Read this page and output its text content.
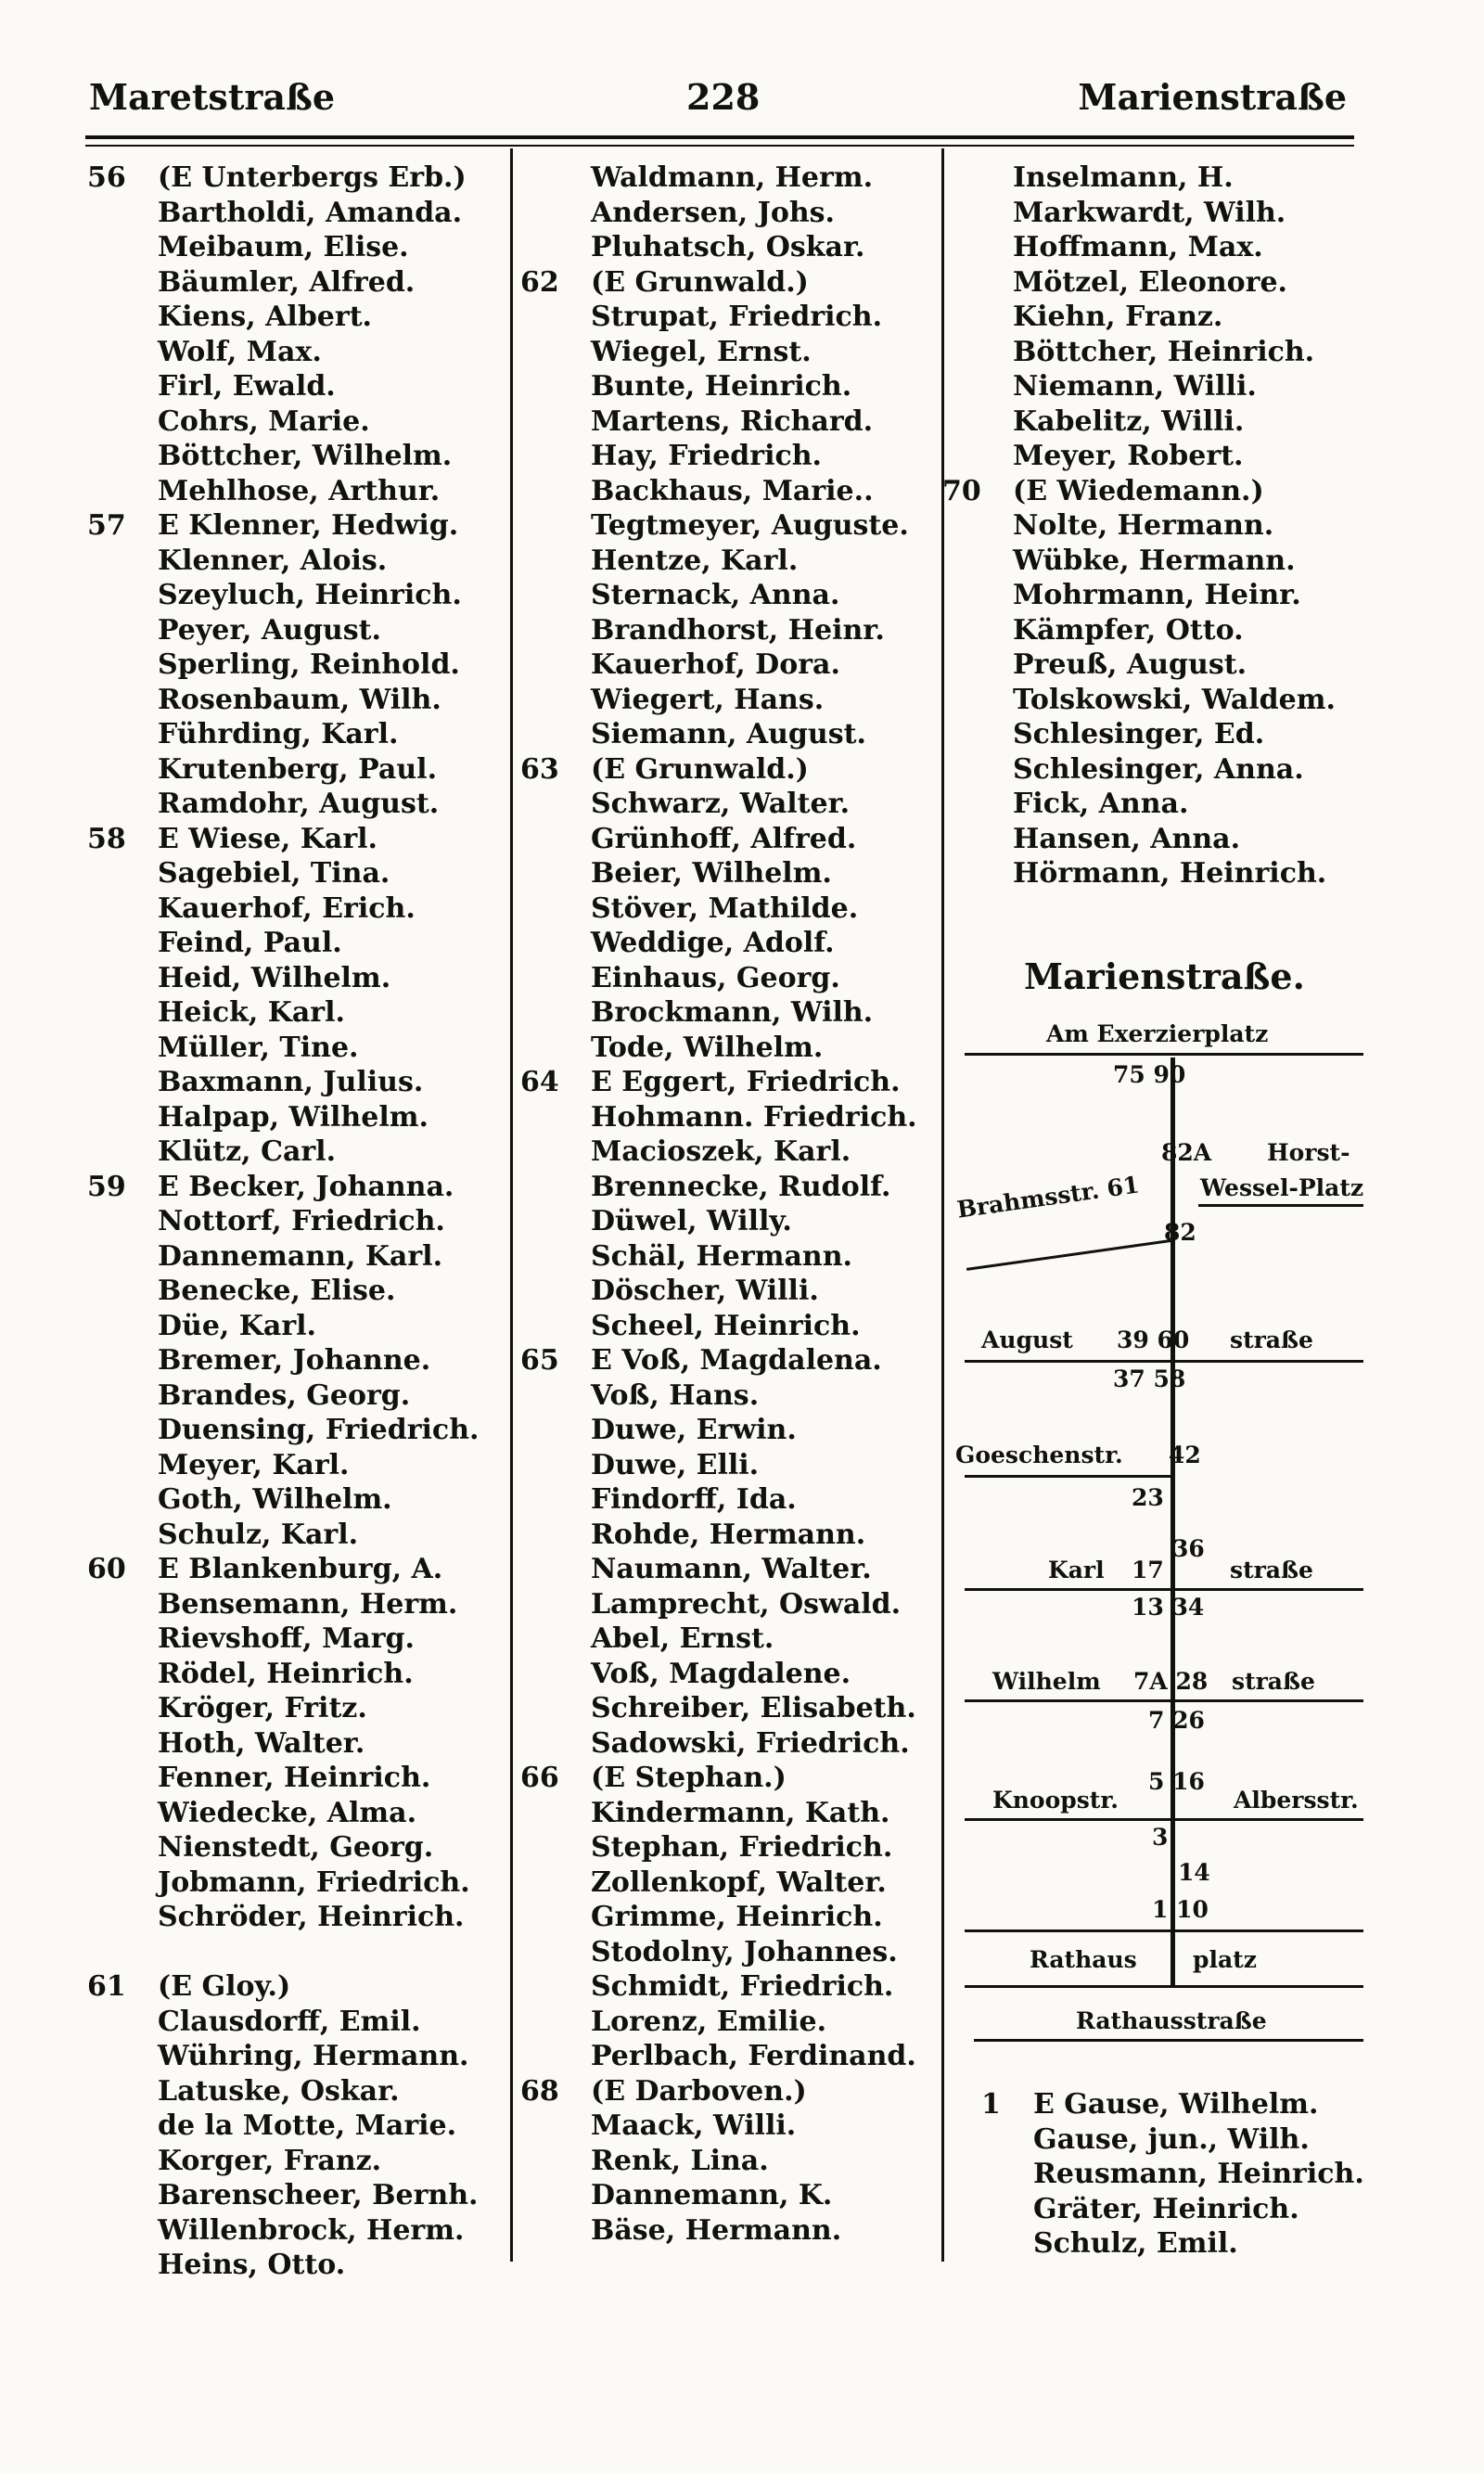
Maretstraße	228	Marienstraße
56 (E Unterbergs Erb.)
Bartholdi, Amanda.
Meibaum, Elise.
Bäumler, Alfred.
Kiens, Albert.
Wolf, Max.
Firl, Ewald.
Cohrs, Marie.
Böttcher, Wilhelm.
Mehlhose, Arthur.
57 E Klenner, Hedwig.
Klenner, Alois.
Szeyluch, Heinrich.
Peyer, August.
Sperling, Reinhold.
Rosenbaum, Wilh.
Führding, Karl.
Krutenberg, Paul.
Ramdohr, August.
58 E Wiese, Karl.
Sagebiel, Tina.
Kauerhof, Erich.
Feind, Paul.
Heid, Wilhelm.
Heick, Karl.
Müller, Tine.
Baxmann, Julius.
Halpap, Wilhelm.
Klütz, Carl.
59 E Becker, Johanna.
Nottorf, Friedrich.
Dannemann, Karl.
Benecke, Elise.
Düe, Karl.
Bremer, Johanne.
Brandes, Georg.
Duensing, Friedrich.
Meyer, Karl.
Goth, Wilhelm.
Schulz, Karl.
60 E Blankenburg, A.
Bensemann, Herm.
Rievshoff, Marg.
Rödel, Heinrich.
Kröger, Fritz.
Hoth, Walter.
Fenner, Heinrich.
Wiedecke, Alma.
Nienstedt, Georg.
Jobmann, Friedrich.
Schröder, Heinrich.
61 (E Gloy.)
Clausdorff, Emil.
Wühring, Hermann.
Latuske, Oskar.
de la Motte, Marie.
Korger, Franz.
Barenscheer, Bernh.
Willenbrock, Herm.
Heins, Otto.
Waldmann, Herm.
Andersen, Johs.
Pluhatsch, Oskar.
62 (E Grunwald.)
Strupat, Friedrich.
Wiegel, Ernst.
Bunte, Heinrich.
Martens, Richard.
Hay, Friedrich.
Backhaus, Marie..
Tegtmeyer, Auguste.
Hentze, Karl.
Sternack, Anna.
Brandhorst, Heinr.
Kauerhof, Dora.
Wiegert, Hans.
Siemann, August.
63 (E Grunwald.)
Schwarz, Walter.
Grünhoff, Alfred.
Beier, Wilhelm.
Stöver, Mathilde.
Weddige, Adolf.
Einhaus, Georg.
Brockmann, Wilh.
Tode, Wilhelm.
64 E Eggert, Friedrich.
Hohmann. Friedrich.
Macioszek, Karl.
Brennecke, Rudolf.
Düwel, Willy.
Schäl, Hermann.
Döscher, Willi.
Scheel, Heinrich.
65 E Voß, Magdalena.
Voß, Hans.
Duwe, Erwin.
Duwe, Elli.
Findorff, Ida.
Rohde, Hermann.
Naumann, Walter.
Lamprecht, Oswald.
Abel, Ernst.
Voß, Magdalene.
Schreiber, Elisabeth.
Sadowski, Friedrich.
66 (E Stephan.)
Kindermann, Kath.
Stephan, Friedrich.
Zollenkopf, Walter.
Grimme, Heinrich.
Stodolny, Johannes.
Schmidt, Friedrich.
Lorenz, Emilie.
Perlbach, Ferdinand.
68 (E Darboven.)
Maack, Willi.
Renk, Lina.
Dannemann, K.
Bäse, Hermann.
Inselmann, H.
Markwardt, Wilh.
Hoffmann, Max.
Mötzel, Eleonore.
Kiehn, Franz.
Böttcher, Heinrich.
Niemann, Willi.
Kabelitz, Willi.
Meyer, Robert.
70 (E Wiedemann.)
Nolte, Hermann.
Wübke, Hermann.
Mohrmann, Heinr.
Kämpfer, Otto.
Preuß, August.
Tolskowski, Waldem.
Schlesinger, Ed.
Schlesinger, Anna.
Fick, Anna.
Hansen, Anna.
Hörmann, Heinrich.
Marienstraße.
Am Exerzierplatz
75 90
82A Horst-
Wessel-Platz
Brahmsstr. 61
82
August 39 60 straße
37 58
Goeschenstr. 42
23
36
Karl 17	straße
13 34
Wilhelm 7A 28 straße
7 26
Knoopstr.
5 16
Albersstr.
3
14
1 10
Rathaus platz
Rathausstraße
1 E Gause, Wilhelm.
Gause, jun., Wilh.
Reusmann, Heinrich.
Gräter, Heinrich.
Schulz, Emil.
